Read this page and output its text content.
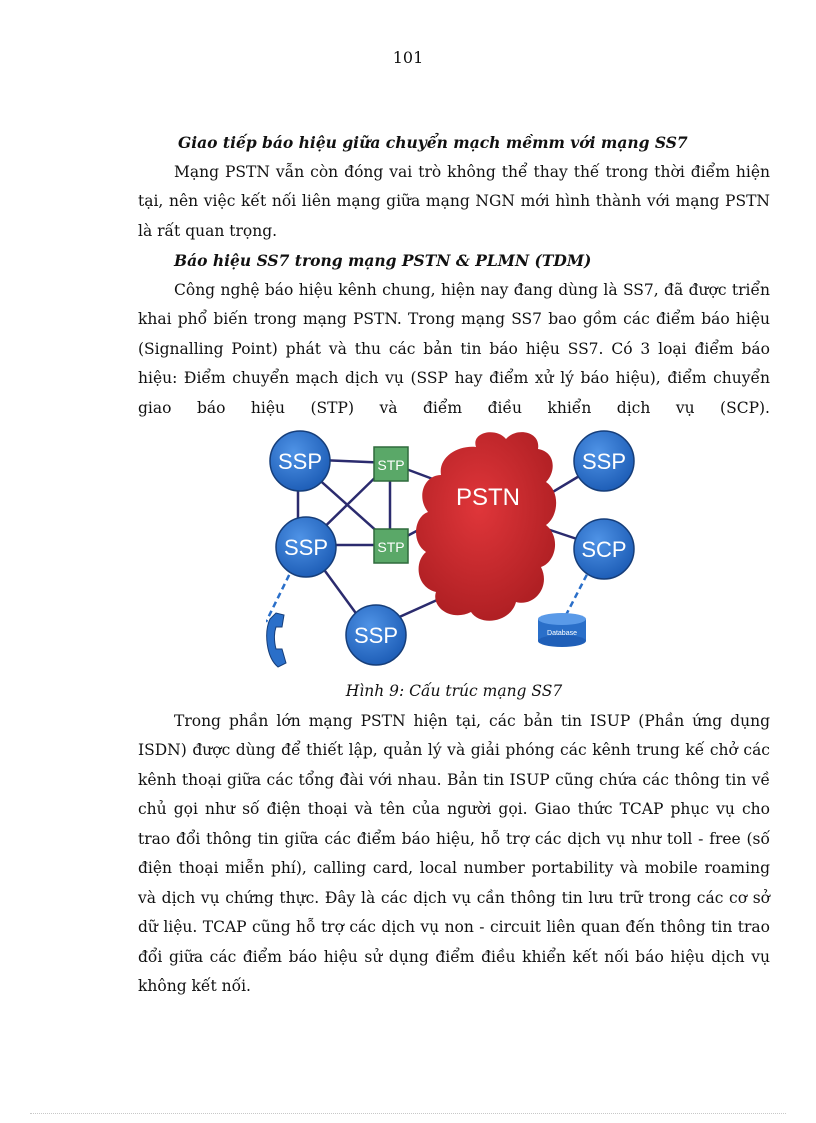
101

Giao tiếp báo hiệu giữa chuyển mạch mềmm với mạng SS7

Mạng PSTN vẫn còn đóng vai trò không thể thay thế trong thời điểm hiện tại, nên việc kết nối liên mạng giữa mạng NGN mới hình thành với mạng PSTN là rất quan trọng.

Báo hiệu SS7 trong mạng PSTN & PLMN (TDM)

Công nghệ báo hiệu kênh chung, hiện nay đang dùng là SS7, đã được triển khai phổ biến trong mạng PSTN. Trong mạng SS7 bao gồm các điểm báo hiệu (Signalling Point) phát và thu các bản tin báo hiệu SS7. Có 3 loại điểm báo hiệu: Điểm chuyển mạch dịch vụ (SSP hay điểm xử lý báo hiệu), điểm chuyển giao báo hiệu (STP) và điểm điều khiển dịch vụ (SCP).

PSTN
SSP
SSP
SSP
SSP
SCP
STP
STP
Database

Hình 9: Cấu trúc mạng SS7

Trong phần lớn mạng PSTN hiện tại, các bản tin ISUP (Phần ứng dụng ISDN) được dùng để thiết lập, quản lý và giải phóng các kênh trung kế chở các kênh thoại giữa các tổng đài với nhau. Bản tin ISUP cũng chứa các thông tin về chủ gọi như số điện thoại và tên của người gọi. Giao thức TCAP phục vụ cho trao đổi thông tin giữa các điểm báo hiệu, hỗ trợ các dịch vụ như toll - free (số điện thoại miễn phí), calling card, local number portability và mobile roaming và dịch vụ chứng thực. Đây là các dịch vụ cần thông tin lưu trữ trong các cơ sở dữ liệu. TCAP cũng hỗ trợ các dịch vụ non - circuit liên quan đến thông tin trao đổi giữa các điểm báo hiệu sử dụng điểm điều khiển kết nối báo hiệu dịch vụ không kết nối.
